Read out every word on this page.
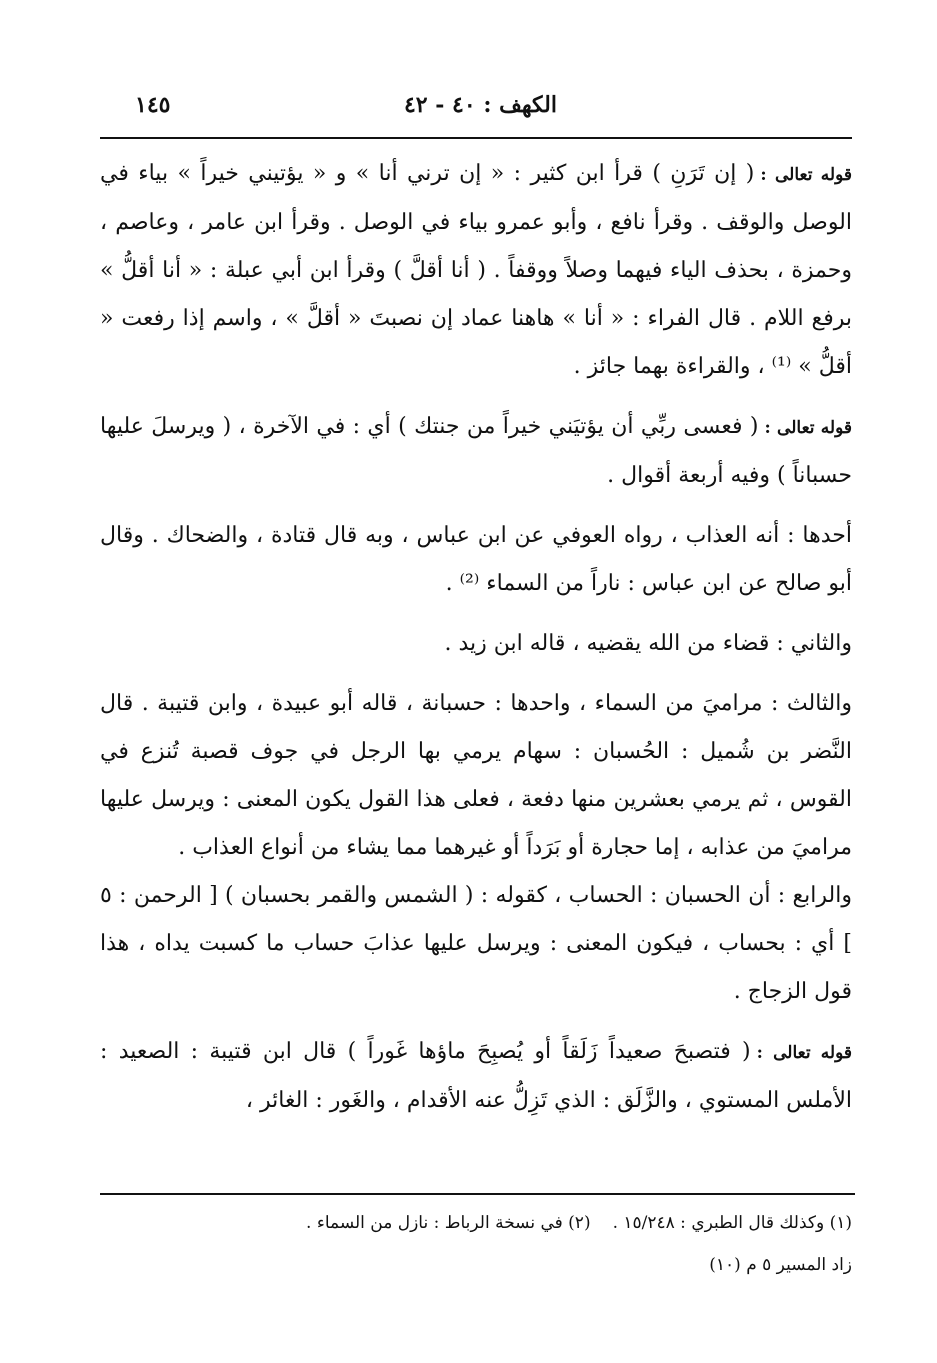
الكهف : ٤٠ - ٤٢
١٤٥

قوله تعالى :( إن تَرَنِ ) قرأ ابن كثير : « إن ترني أنا » و « يؤتيني خيراً » بياء في الوصل والوقف . وقرأ نافع ، وأبو عمرو بياء في الوصل . وقرأ ابن عامر ، وعاصم ، وحمزة ، بحذف الياء فيهما وصلاً ووقفاً . ( أنا أقلَّ ) وقرأ ابن أبي عبلة : « أنا أقلُّ » برفع اللام . قال الفراء : « أنا » هاهنا عماد إن نصبتَ « أقلَّ » ، واسم إذا رفعت « أقلُّ » ⁽¹⁾ ، والقراءة بهما جائز .

قوله تعالى :( فعسى ربِّي أن يؤتيَني خيراً من جنتك ) أي : في الآخرة ، ( ويرسلَ عليها حسباناً ) وفيه أربعة أقوال .

أحدها : أنه العذاب ، رواه العوفي عن ابن عباس ، وبه قال قتادة ، والضحاك . وقال أبو صالح عن ابن عباس : ناراً من السماء ⁽²⁾ .

والثاني : قضاء من الله يقضيه ، قاله ابن زيد .

والثالث : مراميَ من السماء ، واحدها : حسبانة ، قاله أبو عبيدة ، وابن قتيبة . قال النَّضر بن شُميل : الحُسبان : سهام يرمي بها الرجل في جوف قصبة تُنزع في القوس ، ثم يرمي بعشرين منها دفعة ، فعلى هذا القول يكون المعنى : ويرسل عليها مراميَ من عذابه ، إما حجارة أو بَرَداً أو غيرهما مما يشاء من أنواع العذاب .

والرابع : أن الحسبان : الحساب ، كقوله : ( الشمس والقمر بحسبان ) [ الرحمن : ٥ ] أي : بحساب ، فيكون المعنى : ويرسل عليها عذابَ حساب ما كسبت يداه ، هذا قول الزجاج .

قوله تعالى :( فتصبحَ صعيداً زَلَقاً أو يُصبِحَ ماؤها غَوراً ) قال ابن قتيبة : الصعيد : الأملس المستوي ، والزَّلَق : الذي تَزِلُّ عنه الأقدام ، والغَور : الغائر ،

(١) وكذلك قال الطبري : ١٥/٢٤٨ .(٢) في نسخة الرباط : نازل من السماء .
زاد المسير ٥ م (١٠)
